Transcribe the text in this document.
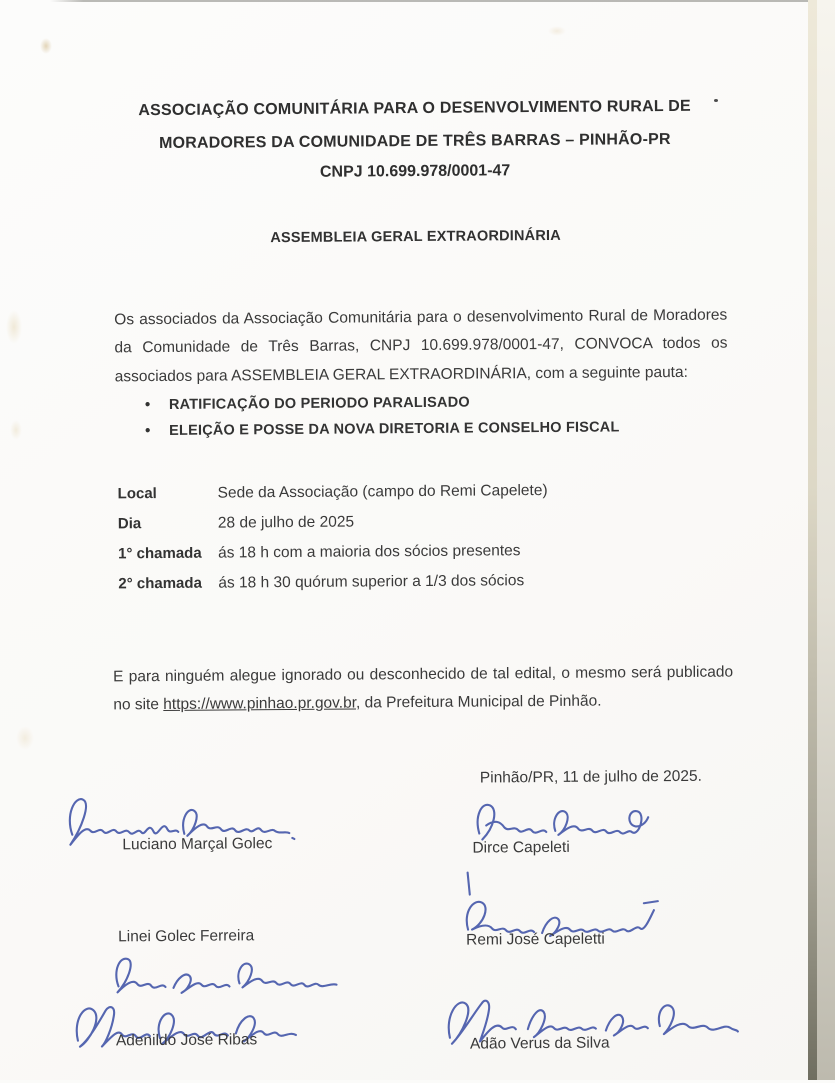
ASSOCIAÇÃO COMUNITÁRIA PARA O DESENVOLVIMENTO RURAL DE
MORADORES DA COMUNIDADE DE TRÊS BARRAS – PINHÃO-PR
CNPJ 10.699.978/0001-47
ASSEMBLEIA GERAL EXTRAORDINÁRIA

Os associados da Associação Comunitária para o desenvolvimento Rural de Moradores da Comunidade de Três Barras, CNPJ 10.699.978/0001-47, CONVOCA todos os associados para ASSEMBLEIA GERAL EXTRAORDINÁRIA, com a seguinte pauta:

•	RATIFICAÇÃO DO PERIODO PARALISADO
•	ELEIÇÃO E POSSE DA NOVA DIRETORIA E CONSELHO FISCAL
Local	Sede da Associação (campo do Remi Capelete)
Dia	28 de julho de 2025
1° chamada	ás 18 h com a maioria dos sócios presentes
2° chamada	ás 18 h 30 quórum superior a 1/3 dos sócios

E para ninguém alegue ignorado ou desconhecido de tal edital, o mesmo será publicado no site https://www.pinhao.pr.gov.br, da Prefeitura Municipal de Pinhão.

Pinhão/PR, 11 de julho de 2025.
Luciano Marçal Golec	Dirce Capeleti
Linei Golec Ferreira	Remi José Capeletti
Adenildo José Ribas	Adão Verus da Silva
